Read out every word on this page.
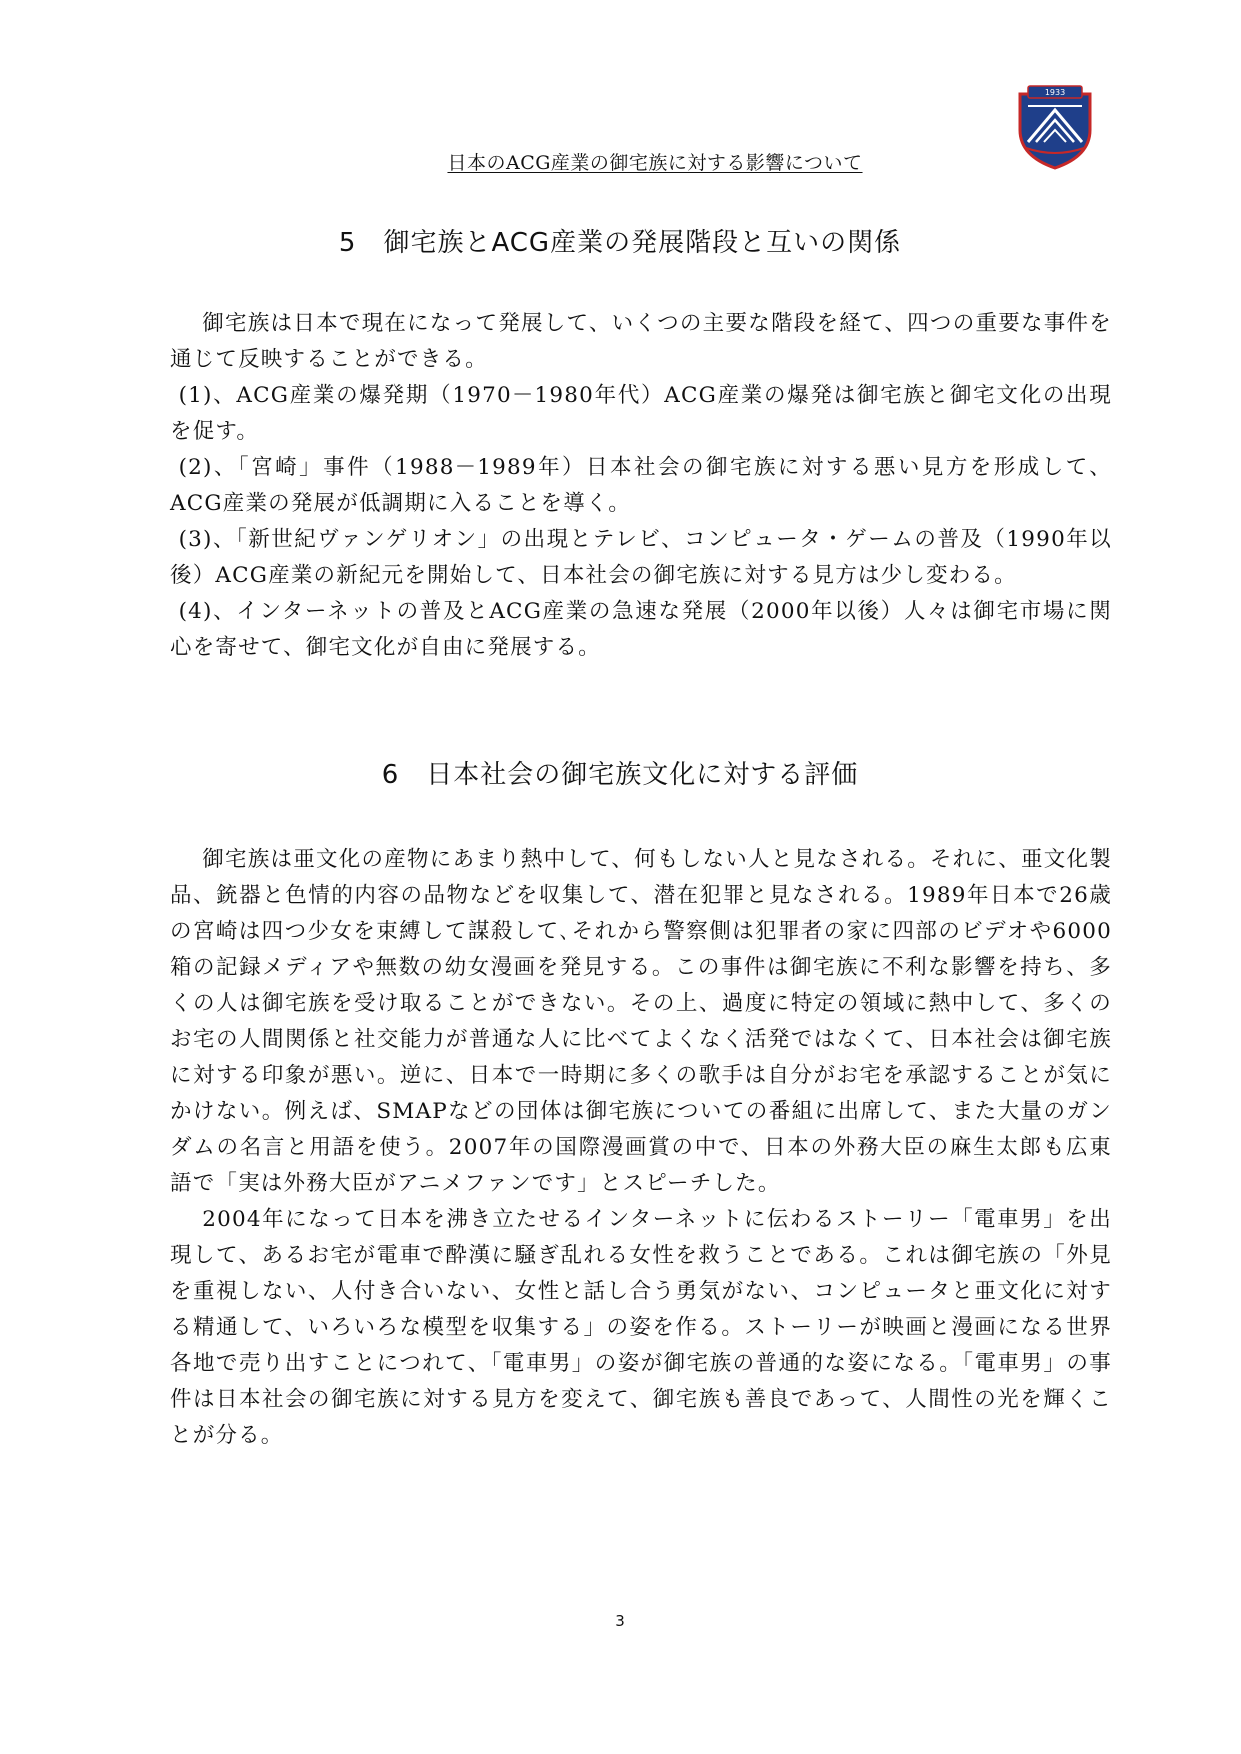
日本のACG産業の御宅族に対する影響について
1933
5　御宅族とACG産業の発展階段と互いの関係

御宅族は日本で現在になって発展して、いくつの主要な階段を経て、四つの重要な事件を通じて反映することができる。

(1)、ACG産業の爆発期（1970－1980年代）ACG産業の爆発は御宅族と御宅文化の出現を促す。

(2)、「宮崎」事件（1988－1989年）日本社会の御宅族に対する悪い見方を形成して、ACG産業の発展が低調期に入ることを導く。

(3)、「新世紀ヴァンゲリオン」の出現とテレビ、コンピュータ・ゲームの普及（1990年以後）ACG産業の新紀元を開始して、日本社会の御宅族に対する見方は少し変わる。

(4)、インターネットの普及とACG産業の急速な発展（2000年以後）人々は御宅市場に関心を寄せて、御宅文化が自由に発展する。

6　日本社会の御宅族文化に対する評価

御宅族は亜文化の産物にあまり熱中して、何もしない人と見なされる。それに、亜文化製品、銃器と色情的内容の品物などを収集して、潜在犯罪と見なされる。1989年日本で26歳の宮崎は四つ少女を束縛して謀殺して､それから警察側は犯罪者の家に四部のビデオや6000箱の記録メディアや無数の幼女漫画を発見する。この事件は御宅族に不利な影響を持ち、多くの人は御宅族を受け取ることができない。その上、過度に特定の領域に熱中して、多くのお宅の人間関係と社交能力が普通な人に比べてよくなく活発ではなくて、日本社会は御宅族に対する印象が悪い。逆に、日本で一時期に多くの歌手は自分がお宅を承認することが気にかけない。例えば、SMAPなどの団体は御宅族についての番組に出席して、また大量のガンダムの名言と用語を使う。2007年の国際漫画賞の中で、日本の外務大臣の麻生太郎も広東語で「実は外務大臣がアニメファンです」とスピーチした。

2004年になって日本を沸き立たせるインターネットに伝わるストーリー「電車男」を出現して、あるお宅が電車で酔漢に騒ぎ乱れる女性を救うことである。これは御宅族の「外見を重視しない、人付き合いない、女性と話し合う勇気がない、コンピュータと亜文化に対する精通して、いろいろな模型を収集する」の姿を作る。ストーリーが映画と漫画になる世界各地で売り出すことにつれて、「電車男」の姿が御宅族の普通的な姿になる。「電車男」の事件は日本社会の御宅族に対する見方を変えて、御宅族も善良であって、人間性の光を輝くことが分る。

3
